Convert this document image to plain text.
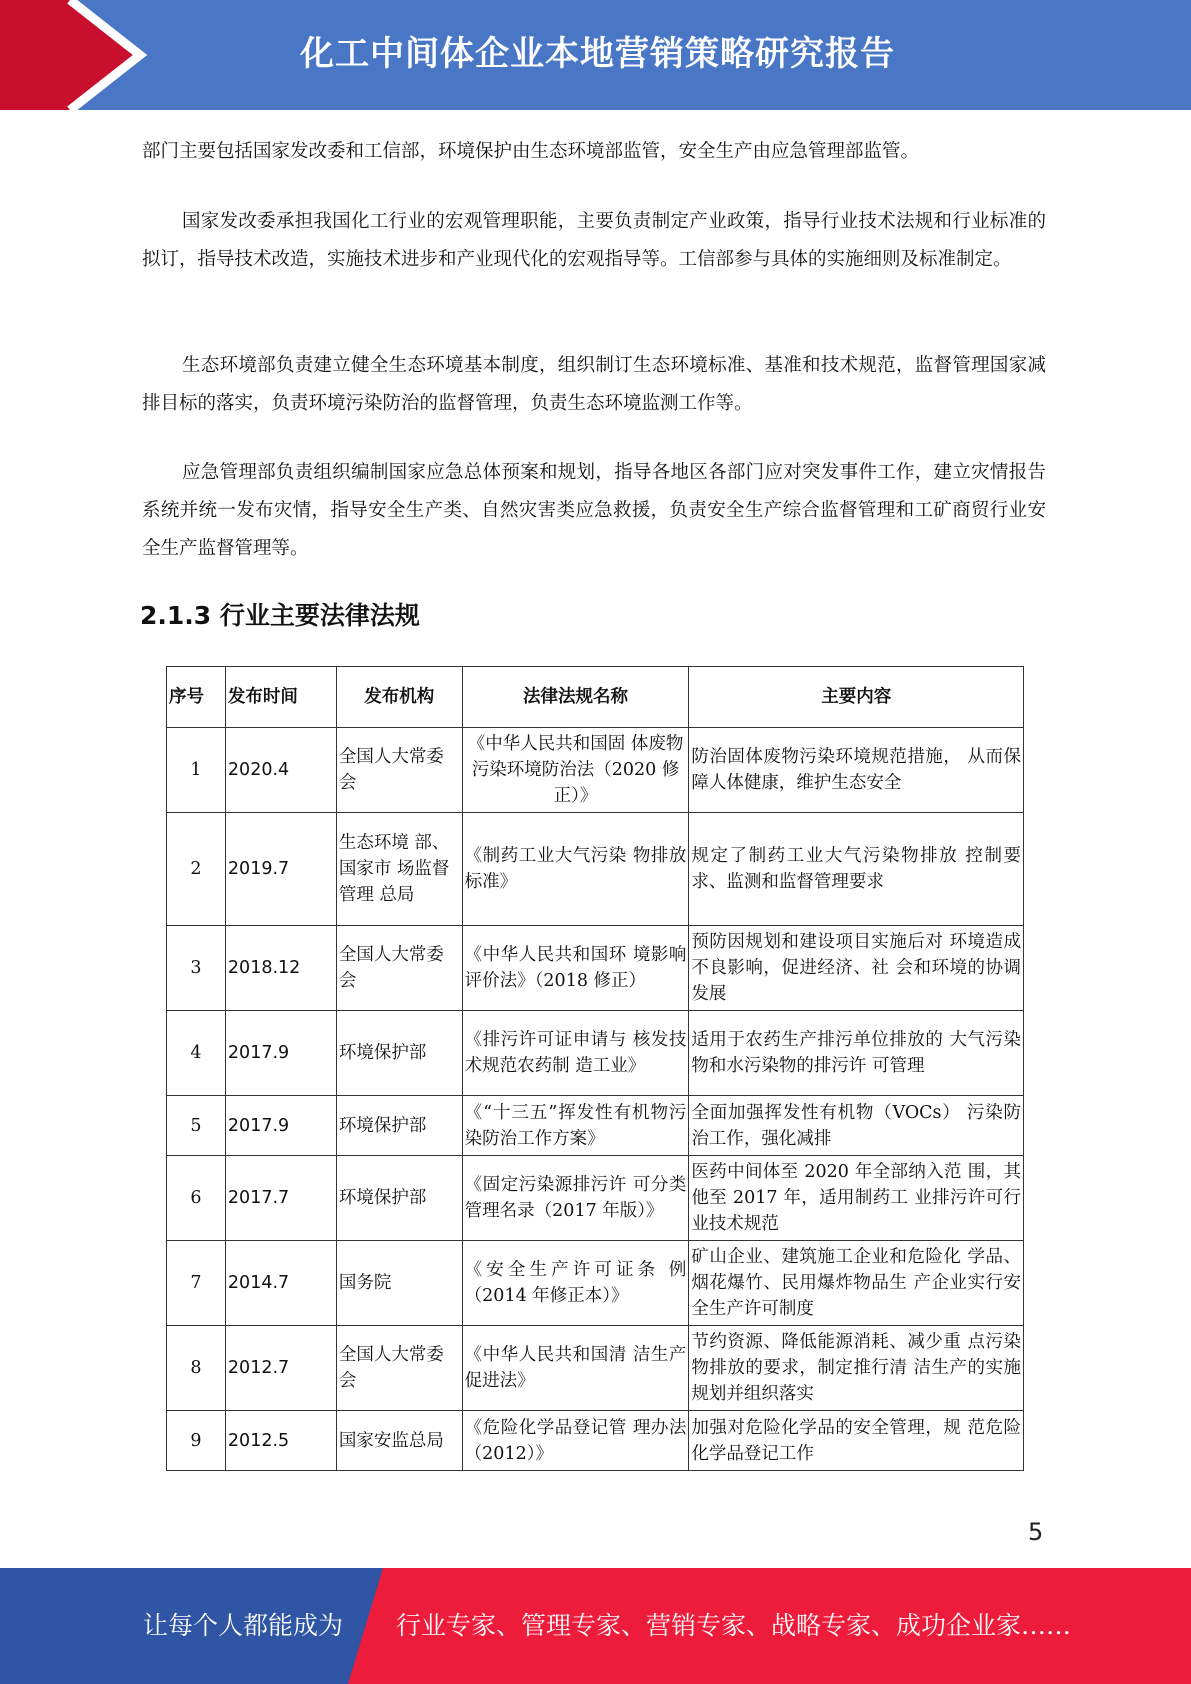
化工中间体企业本地营销策略研究报告

部门主要包括国家发改委和工信部，环境保护由生态环境部监管，安全生产由应急管理部监管。

国家发改委承担我国化工行业的宏观管理职能，主要负责制定产业政策，指导行业技术法规和行业标准的拟订，指导技术改造，实施技术进步和产业现代化的宏观指导等。工信部参与具体的实施细则及标准制定。

生态环境部负责建立健全生态环境基本制度，组织制订生态环境标准、基准和技术规范，监督管理国家减排目标的落实，负责环境污染防治的监督管理，负责生态环境监测工作等。

应急管理部负责组织编制国家应急总体预案和规划，指导各地区各部门应对突发事件工作，建立灾情报告系统并统一发布灾情，指导安全生产类、自然灾害类应急救援，负责安全生产综合监督管理和工矿商贸行业安全生产监督管理等。

2.1.3 行业主要法律法规
序号	发布时间	发布机构	法律法规名称	主要内容
1	2020.4	全国人大常委会	《中华人民共和国固 体废物污染环境防治法（2020 修正）》	防治固体废物污染环境规范措施， 从而保障人体健康，维护生态安全
2	2019.7	生态环境 部、国家市 场监督管理 总局	《制药工业大气污染 物排放标准》	规定了制药工业大气污染物排放 控制要求、监测和监督管理要求
3	2018.12	全国人大常委会	《中华人民共和国环 境影响评价法》（2018 修正）	预防因规划和建设项目实施后对 环境造成不良影响，促进经济、社 会和环境的协调发展
4	2017.9	环境保护部	《排污许可证申请与 核发技术规范农药制 造工业》	适用于农药生产排污单位排放的 大气污染物和水污染物的排污许 可管理
5	2017.9	环境保护部	《“十三五”挥发性有机物污染防治工作方案》	全面加强挥发性有机物（VOCs） 污染防治工作，强化减排
6	2017.7	环境保护部	《固定污染源排污许 可分类管理名录（2017 年版）》	医药中间体至 2020 年全部纳入范 围，其他至 2017 年，适用制药工 业排污许可行业技术规范
7	2014.7	国务院	《安全生产许可证条 例（2014 年修正本）》	矿山企业、建筑施工企业和危险化 学品、烟花爆竹、民用爆炸物品生 产企业实行安全生产许可制度
8	2012.7	全国人大常委会	《中华人民共和国清 洁生产促进法》	节约资源、降低能源消耗、减少重 点污染物排放的要求，制定推行清 洁生产的实施规划并组织落实
9	2012.5	国家安监总局	《危险化学品登记管 理办法（2012）》	加强对危险化学品的安全管理，规 范危险化学品登记工作
5
让每个人都能成为 行业专家、管理专家、营销专家、战略专家、成功企业家……
